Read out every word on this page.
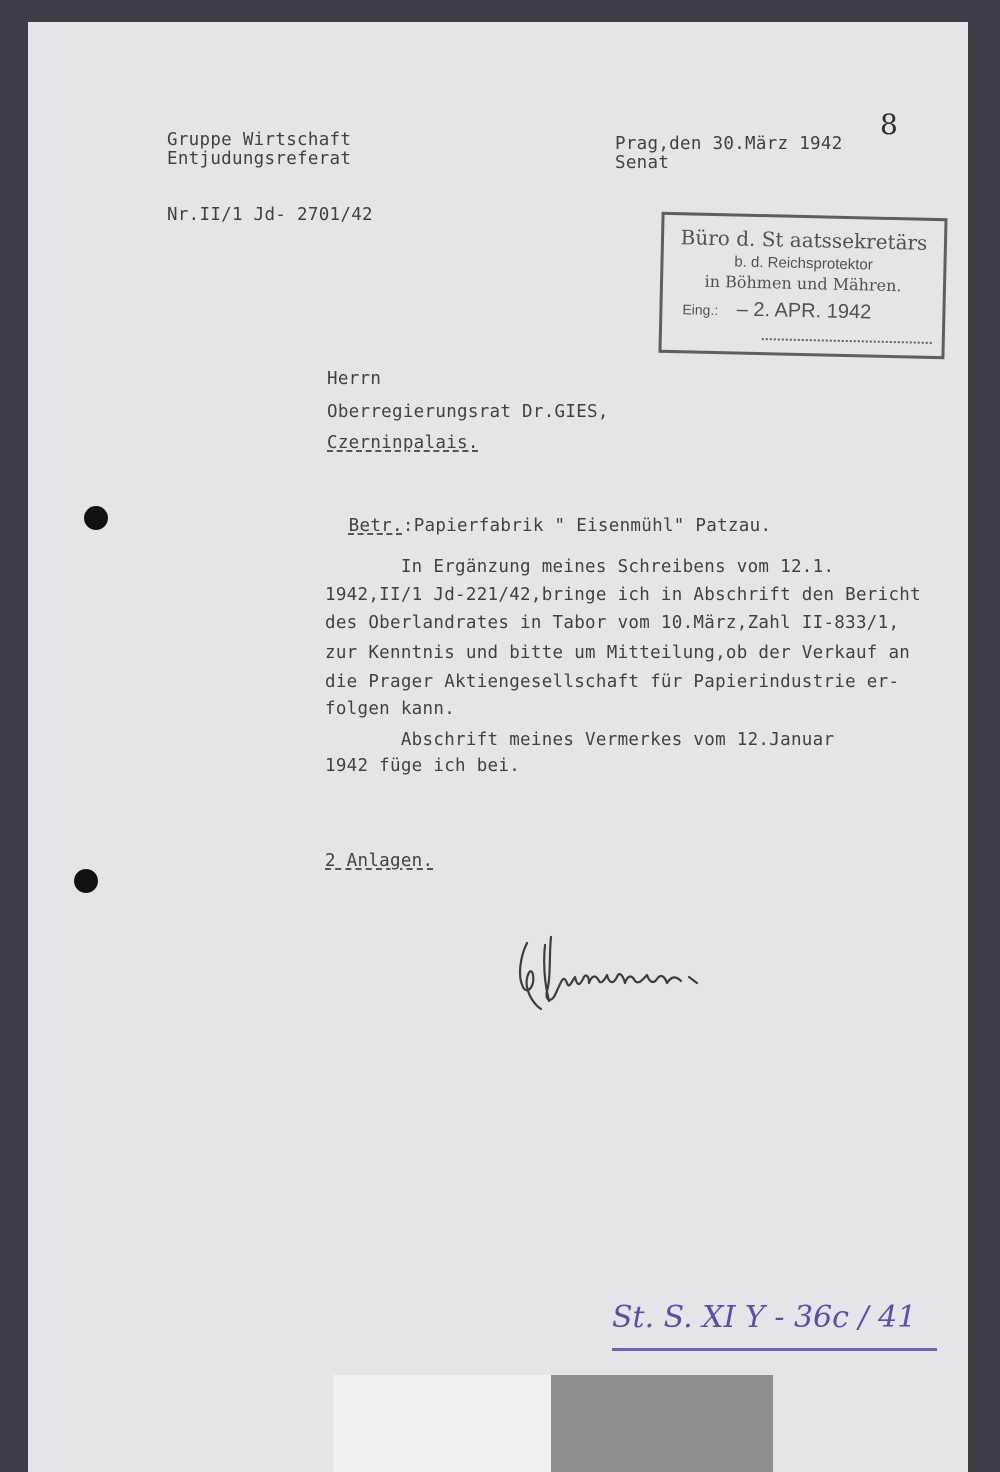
8
Gruppe Wirtschaft
Entjudungsreferat
Prag,den 30.März 1942
Senat
Nr.II/1 Jd- 2701/42
Büro d. St aatssekretärs
b. d. Reichsprotektor
in Böhmen und Mähren.
Eing.: – 2. APR. 1942
Herrn
Oberregierungsrat Dr.GIES,
Czerninpalais.

Betr.:Papierfabrik " Eisenmühl" Patzau.

In Ergänzung meines Schreibens vom 12.1.
1942,II/1 Jd-221/42,bringe ich in Abschrift den Bericht
des Oberlandrates in Tabor vom 10.März,Zahl II-833/1,
zur Kenntnis und bitte um Mitteilung,ob der Verkauf an
die Prager Aktiengesellschaft für Papierindustrie er-
folgen kann.
Abschrift meines Vermerkes vom 12.Januar
1942 füge ich bei.
2 Anlagen.
St. S. XI Y - 36c / 41
